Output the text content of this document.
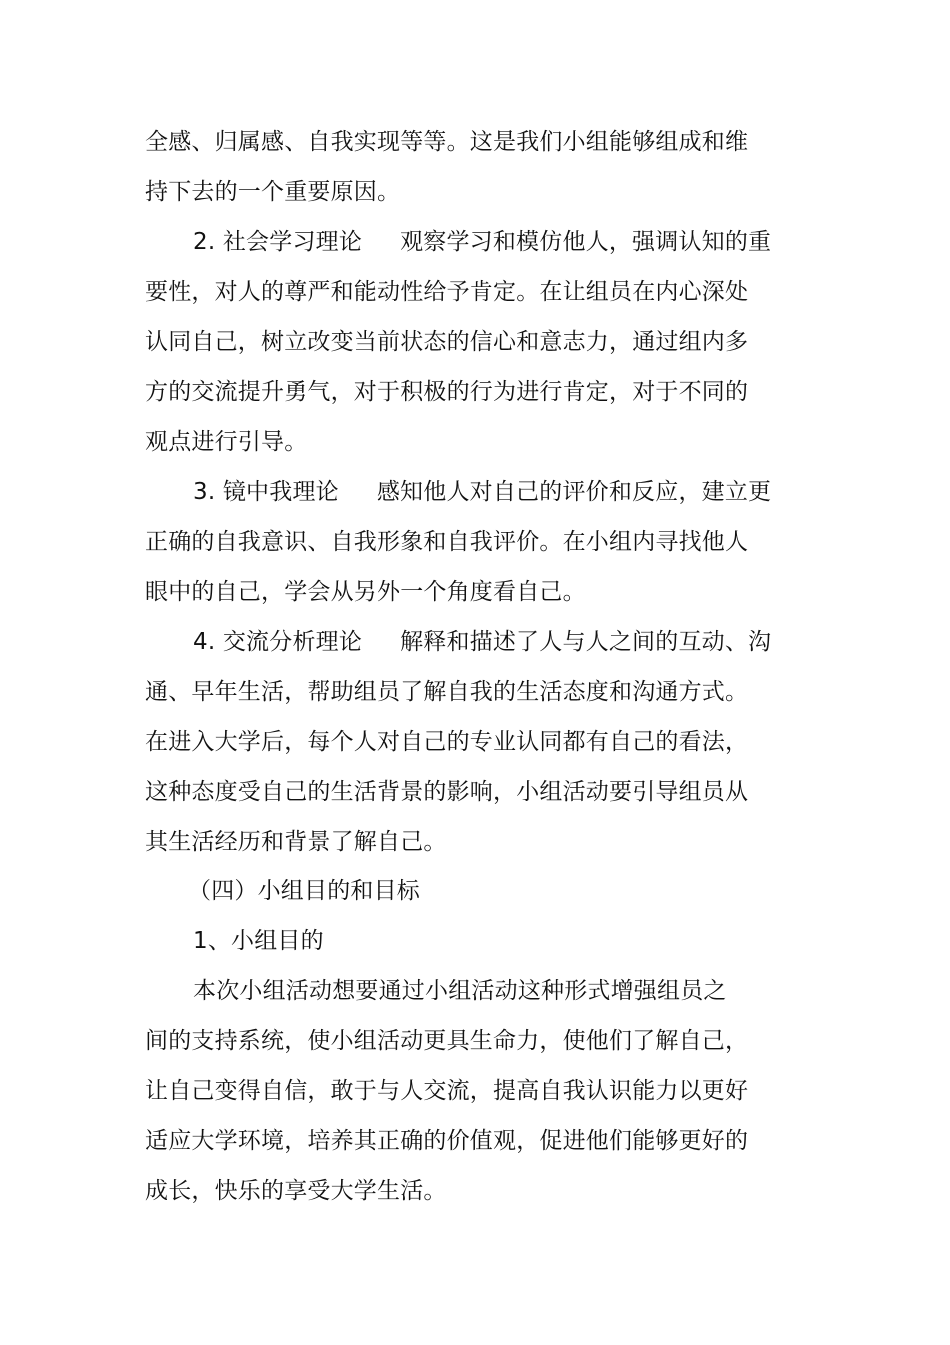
全感、归属感、自我实现等等。这是我们小组能够组成和维
持下去的一个重要原因。
2. 社会学习理论 观察学习和模仿他人，强调认知的重
要性，对人的尊严和能动性给予肯定。在让组员在内心深处
认同自己，树立改变当前状态的信心和意志力，通过组内多
方的交流提升勇气，对于积极的行为进行肯定，对于不同的
观点进行引导。
3. 镜中我理论 感知他人对自己的评价和反应，建立更
正确的自我意识、自我形象和自我评价。在小组内寻找他人
眼中的自己，学会从另外一个角度看自己。
4. 交流分析理论 解释和描述了人与人之间的互动、沟
通、早年生活，帮助组员了解自我的生活态度和沟通方式。
在进入大学后，每个人对自己的专业认同都有自己的看法，
这种态度受自己的生活背景的影响，小组活动要引导组员从
其生活经历和背景了解自己。
（四）小组目的和目标
1、小组目的
本次小组活动想要通过小组活动这种形式增强组员之
间的支持系统，使小组活动更具生命力，使他们了解自己，
让自己变得自信，敢于与人交流，提高自我认识能力以更好
适应大学环境，培养其正确的价值观，促进他们能够更好的
成长，快乐的享受大学生活。
